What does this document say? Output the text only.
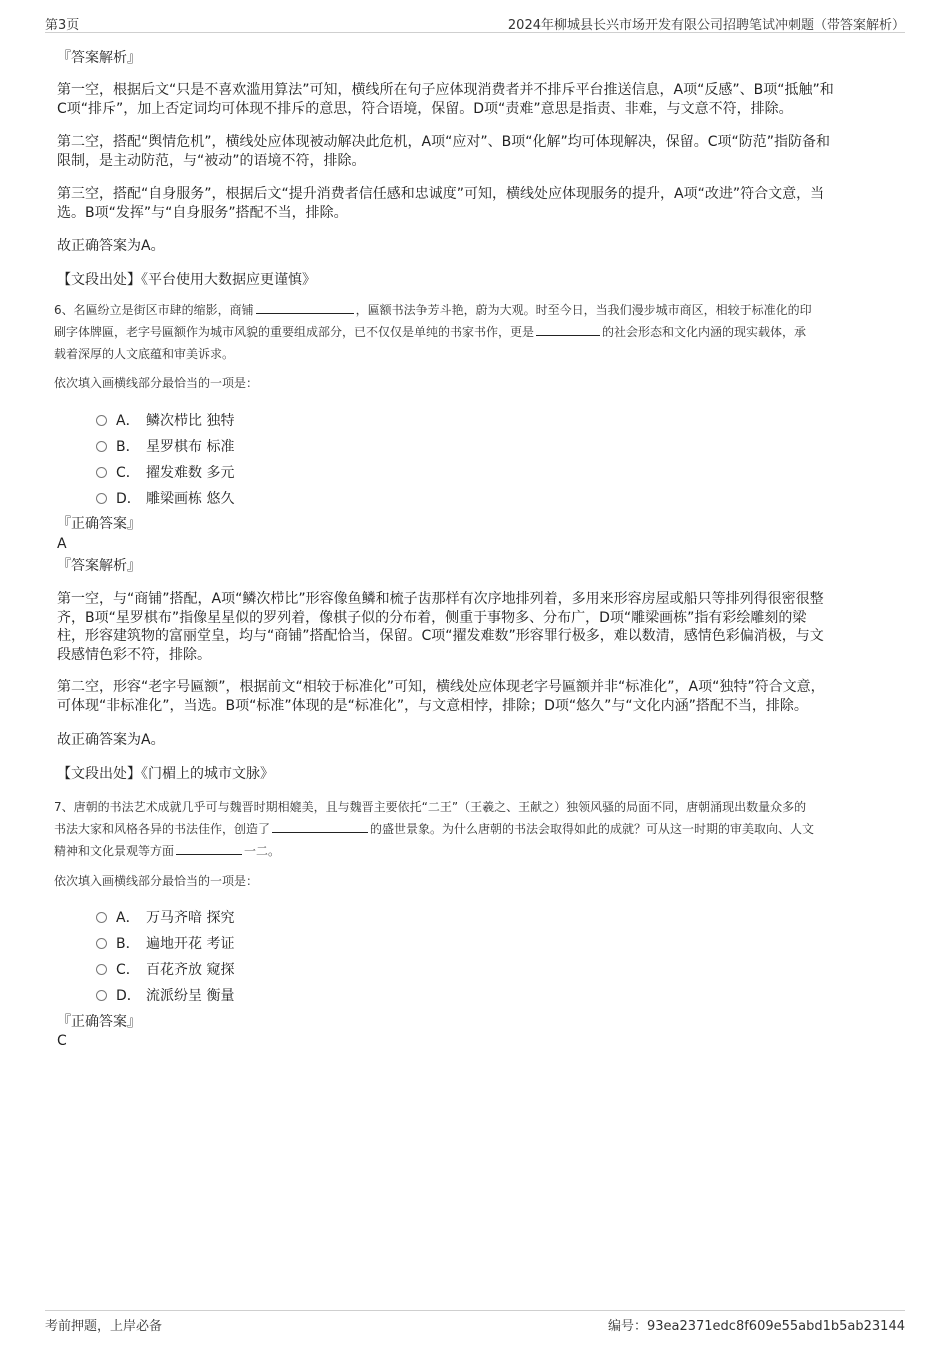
第3页	2024年柳城县长兴市场开发有限公司招聘笔试冲刺题（带答案解析）
『答案解析』
第一空，根据后文“只是不喜欢滥用算法”可知，横线所在句子应体现消费者并不排斥平台推送信息，A项“反感”、B项“抵触”和
C项“排斥”，加上否定词均可体现不排斥的意思，符合语境，保留。D项“责难”意思是指责、非难，与文意不符，排除。
第二空，搭配“舆情危机”，横线处应体现被动解决此危机，A项“应对”、B项“化解”均可体现解决，保留。C项“防范”指防备和
限制，是主动防范，与“被动”的语境不符，排除。
第三空，搭配“自身服务”，根据后文“提升消费者信任感和忠诚度”可知，横线处应体现服务的提升，A项“改进”符合文意，当
选。B项“发挥”与“自身服务”搭配不当，排除。
故正确答案为A。
【文段出处】《平台使用大数据应更谨慎》
6、名匾纷立是街区市肆的缩影，商铺	，匾额书法争芳斗艳，蔚为大观。时至今日，当我们漫步城市商区，相较于标准化的印
刷字体牌匾，老字号匾额作为城市风貌的重要组成部分，已不仅仅是单纯的书家书作，更是	的社会形态和文化内涵的现实载体，承
载着深厚的人文底蕴和审美诉求。
依次填入画横线部分最恰当的一项是：
A． 鳞次栉比 独特
B． 星罗棋布 标准
C． 擢发难数 多元
D． 雕梁画栋 悠久
『正确答案』
A
『答案解析』
第一空，与“商铺”搭配，A项“鳞次栉比”形容像鱼鳞和梳子齿那样有次序地排列着，多用来形容房屋或船只等排列得很密很整
齐，B项“星罗棋布”指像星星似的罗列着，像棋子似的分布着，侧重于事物多、分布广，D项“雕梁画栋”指有彩绘雕刻的梁
柱，形容建筑物的富丽堂皇，均与“商铺”搭配恰当，保留。C项“擢发难数”形容罪行极多，难以数清，感情色彩偏消极，与文
段感情色彩不符，排除。
第二空，形容“老字号匾额”，根据前文“相较于标准化”可知，横线处应体现老字号匾额并非“标准化”，A项“独特”符合文意，
可体现“非标准化”，当选。B项“标准”体现的是“标准化”，与文意相悖，排除；D项“悠久”与“文化内涵”搭配不当，排除。
故正确答案为A。
【文段出处】《门楣上的城市文脉》
7、唐朝的书法艺术成就几乎可与魏晋时期相媲美，且与魏晋主要依托“二王”（王羲之、王献之）独领风骚的局面不同，唐朝涌现出数量众多的
书法大家和风格各异的书法佳作，创造了	的盛世景象。为什么唐朝的书法会取得如此的成就？可从这一时期的审美取向、人文
精神和文化景观等方面	一二。
依次填入画横线部分最恰当的一项是：
A． 万马齐喑 探究
B． 遍地开花 考证
C． 百花齐放 窥探
D． 流派纷呈 衡量
『正确答案』
C
考前押题，上岸必备	编号：93ea2371edc8f609e55abd1b5ab23144
